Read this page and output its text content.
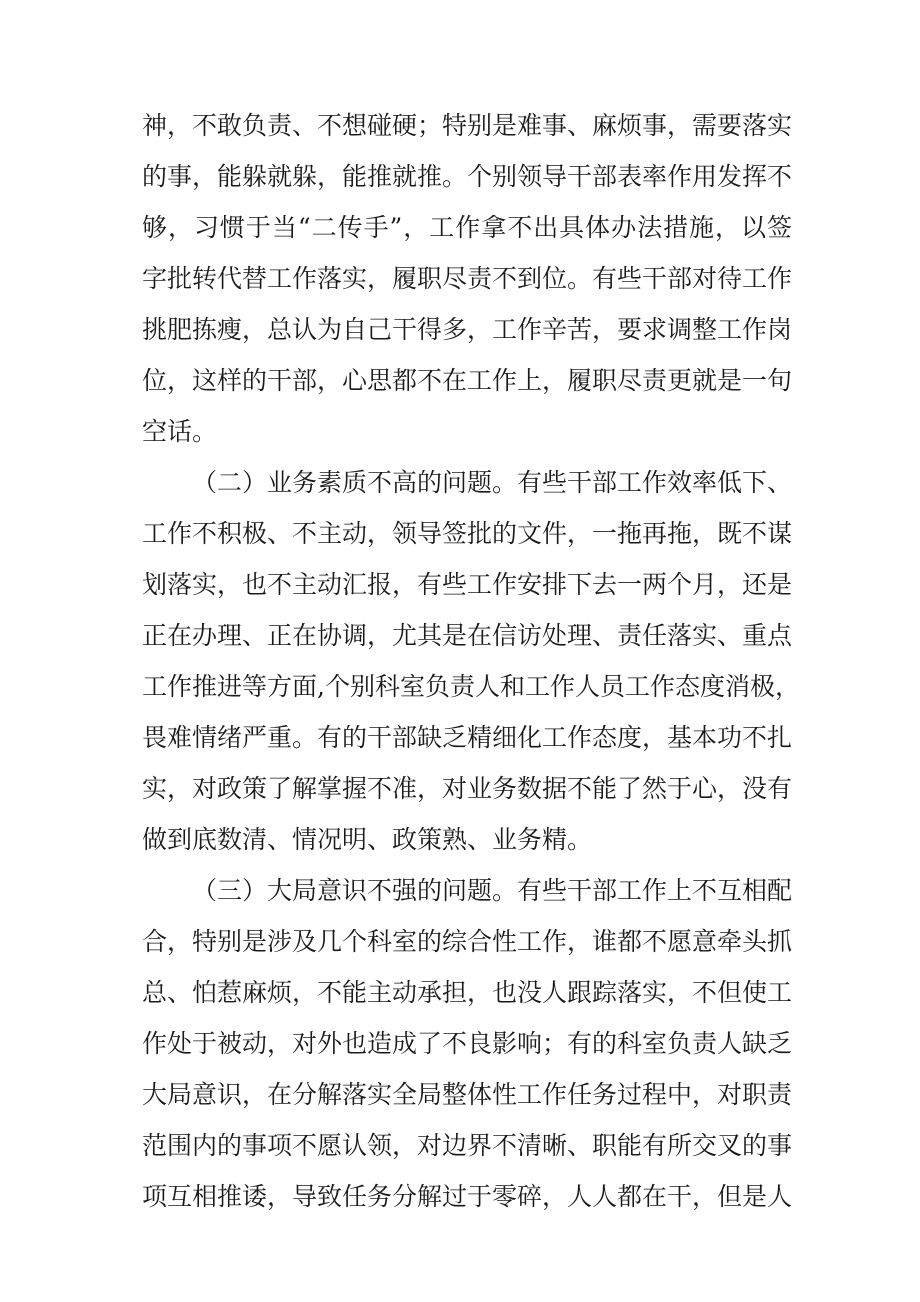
神，不敢负责、不想碰硬；特别是难事、麻烦事，需要落实
的事，能躲就躲，能推就推。个别领导干部表率作用发挥不
够，习惯于当“二传手”，工作拿不出具体办法措施，以签
字批转代替工作落实，履职尽责不到位。有些干部对待工作
挑肥拣瘦，总认为自己干得多，工作辛苦，要求调整工作岗
位，这样的干部，心思都不在工作上，履职尽责更就是一句
空话。
（二）业务素质不高的问题。有些干部工作效率低下、
工作不积极、不主动，领导签批的文件，一拖再拖，既不谋
划落实，也不主动汇报，有些工作安排下去一两个月，还是
正在办理、正在协调，尤其是在信访处理、责任落实、重点
工作推进等方面,个别科室负责人和工作人员工作态度消极，
畏难情绪严重。有的干部缺乏精细化工作态度，基本功不扎
实，对政策了解掌握不准，对业务数据不能了然于心，没有
做到底数清、情况明、政策熟、业务精。
（三）大局意识不强的问题。有些干部工作上不互相配
合，特别是涉及几个科室的综合性工作，谁都不愿意牵头抓
总、怕惹麻烦，不能主动承担，也没人跟踪落实，不但使工
作处于被动，对外也造成了不良影响；有的科室负责人缺乏
大局意识，在分解落实全局整体性工作任务过程中，对职责
范围内的事项不愿认领，对边界不清晰、职能有所交叉的事
项互相推诿，导致任务分解过于零碎，人人都在干，但是人
